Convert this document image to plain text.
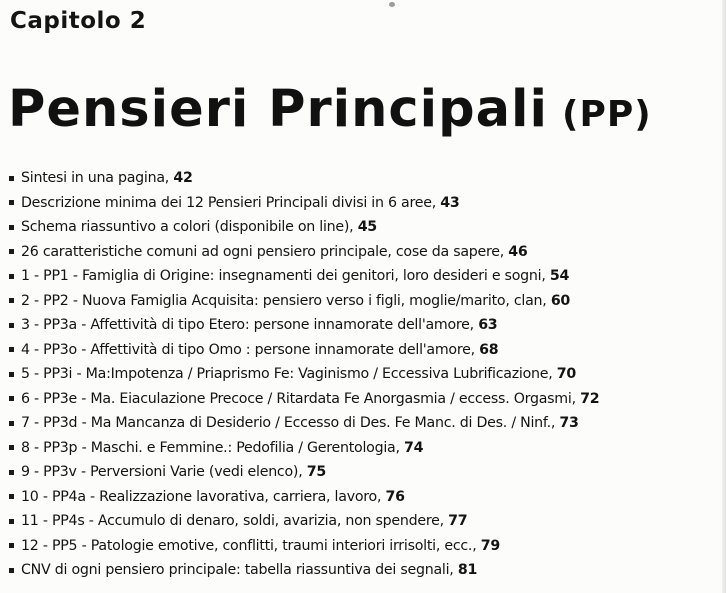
Capitolo 2
Pensieri Principali (PP)
Sintesi in una pagina,
42
Descrizione minima dei 12 Pensieri Principali divisi in 6 aree,
43
Schema riassuntivo a colori (disponibile on line),
45
26 caratteristiche comuni ad ogni pensiero principale, cose da sapere,
46
1 - PP1 - Famiglia di Origine: insegnamenti dei genitori, loro desideri e sogni,
54
2 - PP2 - Nuova Famiglia Acquisita: pensiero verso i figli, moglie/marito, clan,
60
3 - PP3a - Affettività di tipo Etero: persone innamorate dell'amore,
63
4 - PP3o - Affettività di tipo Omo : persone innamorate dell'amore,
68
5 - PP3i - Ma:Impotenza / Priaprismo Fe: Vaginismo / Eccessiva Lubrificazione,
70
6 - PP3e - Ma. Eiaculazione Precoce / Ritardata Fe Anorgasmia / eccess. Orgasmi,
72
7 - PP3d - Ma Mancanza di Desiderio / Eccesso di Des. Fe Manc. di Des. / Ninf.,
73
8 - PP3p - Maschi. e Femmine.: Pedofilia / Gerentologia,
74
9 - PP3v - Perversioni Varie (vedi elenco),
75
10 - PP4a - Realizzazione lavorativa, carriera, lavoro,
76
11 - PP4s - Accumulo di denaro, soldi, avarizia, non spendere,
77
12 - PP5 - Patologie emotive, conflitti, traumi interiori irrisolti, ecc.,
79
CNV di ogni pensiero principale: tabella riassuntiva dei segnali,
81
